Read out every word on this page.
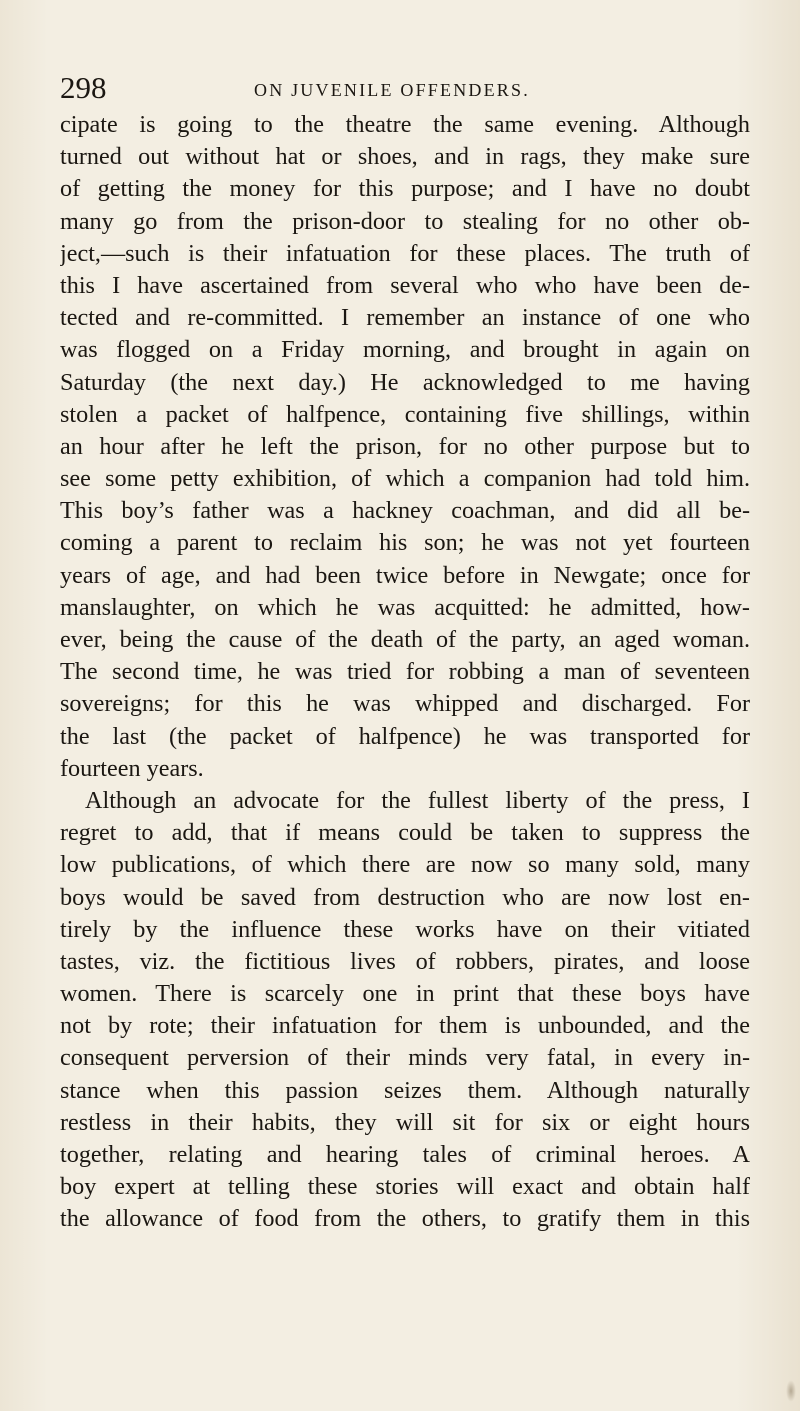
298	ON JUVENILE OFFENDERS.
cipate is going to the theatre the same evening. Although
turned out without hat or shoes, and in rags, they make sure
of getting the money for this purpose; and I have no doubt
many go from the prison-door to stealing for no other ob-
ject,—such is their infatuation for these places. The truth of
this I have ascertained from several who who have been de-
tected and re-committed. I remember an instance of one who
was flogged on a Friday morning, and brought in again on
Saturday (the next day.) He acknowledged to me having
stolen a packet of halfpence, containing five shillings, within
an hour after he left the prison, for no other purpose but to
see some petty exhibition, of which a companion had told him.
This boy’s father was a hackney coachman, and did all be-
coming a parent to reclaim his son; he was not yet fourteen
years of age, and had been twice before in Newgate; once for
manslaughter, on which he was acquitted: he admitted, how-
ever, being the cause of the death of the party, an aged woman.
The second time, he was tried for robbing a man of seventeen
sovereigns; for this he was whipped and discharged. For
the last (the packet of halfpence) he was transported for
fourteen years.
Although an advocate for the fullest liberty of the press, I
regret to add, that if means could be taken to suppress the
low publications, of which there are now so many sold, many
boys would be saved from destruction who are now lost en-
tirely by the influence these works have on their vitiated
tastes, viz. the fictitious lives of robbers, pirates, and loose
women. There is scarcely one in print that these boys have
not by rote; their infatuation for them is unbounded, and the
consequent perversion of their minds very fatal, in every in-
stance when this passion seizes them. Although naturally
restless in their habits, they will sit for six or eight hours
together, relating and hearing tales of criminal heroes. A
boy expert at telling these stories will exact and obtain half
the allowance of food from the others, to gratify them in this
